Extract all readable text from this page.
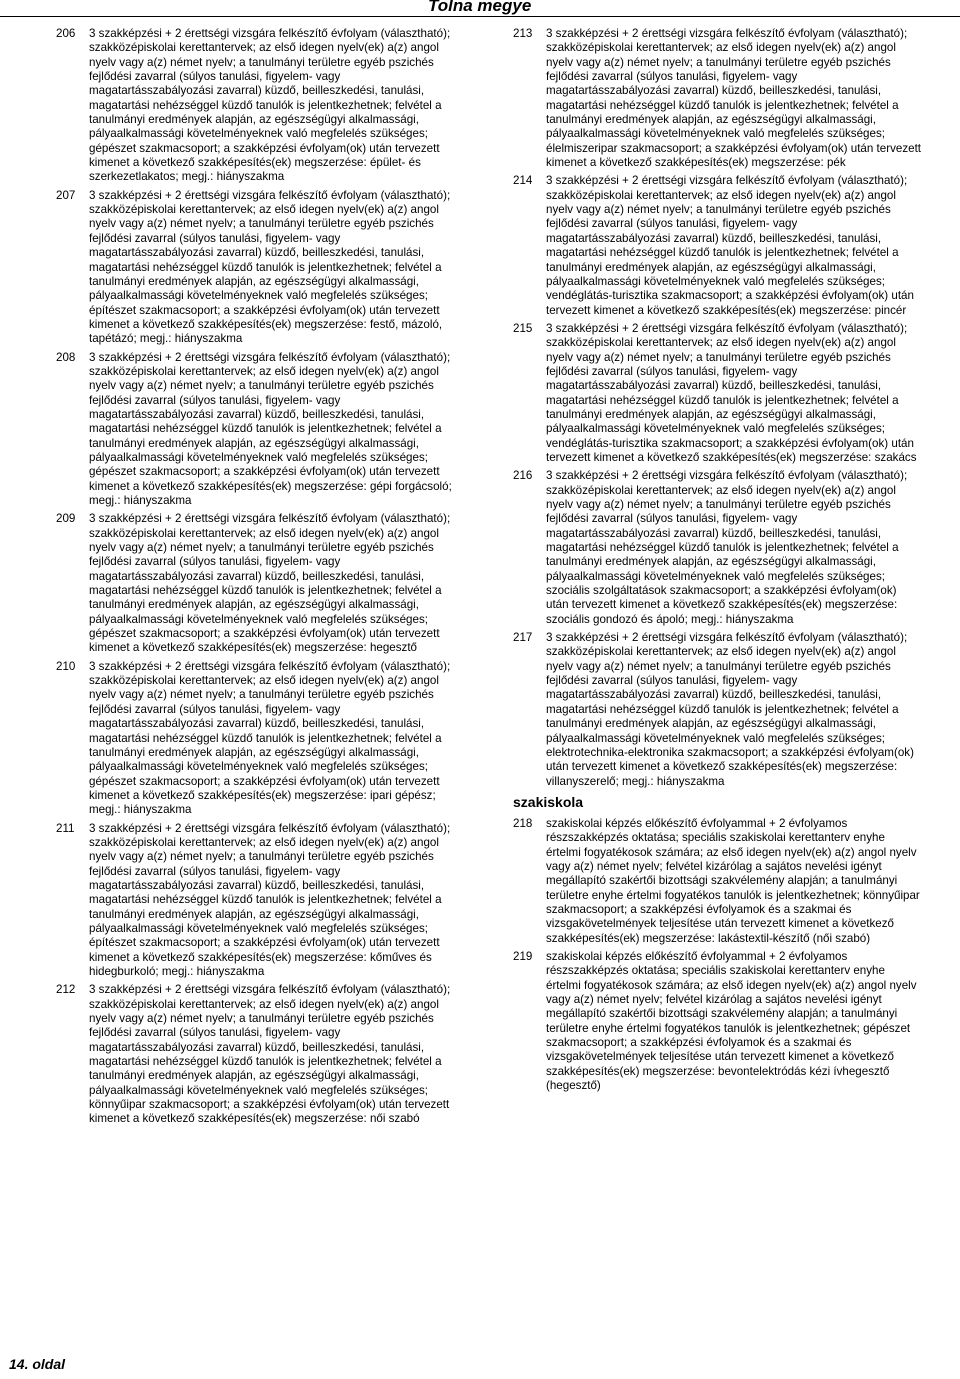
Tolna megye
206 3 szakképzési + 2 érettségi vizsgára felkészítő évfolyam (választható); szakközépiskolai kerettantervek; az első idegen nyelv(ek) a(z) angol nyelv vagy a(z) német nyelv; a tanulmányi területre egyéb pszichés fejlődési zavarral (súlyos tanulási, figyelem- vagy magatartásszabályozási zavarral) küzdő, beilleszkedési, tanulási, magatartási nehézséggel küzdő tanulók is jelentkezhetnek; felvétel a tanulmányi eredmények alapján, az egészségügyi alkalmassági, pályaalkalmassági követelményeknek való megfelelés szükséges; gépészet szakmacsoport; a szakképzési évfolyam(ok) után tervezett kimenet a következő szakképesítés(ek) megszerzése: épület- és szerkezetlakatos; megj.: hiányszakma
207 3 szakképzési + 2 érettségi vizsgára felkészítő évfolyam (választható); szakközépiskolai kerettantervek; az első idegen nyelv(ek) a(z) angol nyelv vagy a(z) német nyelv; a tanulmányi területre egyéb pszichés fejlődési zavarral (súlyos tanulási, figyelem- vagy magatartásszabályozási zavarral) küzdő, beilleszkedési, tanulási, magatartási nehézséggel küzdő tanulók is jelentkezhetnek; felvétel a tanulmányi eredmények alapján, az egészségügyi alkalmassági, pályaalkalmassági követelményeknek való megfelelés szükséges; építészet szakmacsoport; a szakképzési évfolyam(ok) után tervezett kimenet a következő szakképesítés(ek) megszerzése: festő, mázoló, tapétázó; megj.: hiányszakma
208 3 szakképzési + 2 érettségi vizsgára felkészítő évfolyam (választható); szakközépiskolai kerettantervek; az első idegen nyelv(ek) a(z) angol nyelv vagy a(z) német nyelv; a tanulmányi területre egyéb pszichés fejlődési zavarral (súlyos tanulási, figyelem- vagy magatartásszabályozási zavarral) küzdő, beilleszkedési, tanulási, magatartási nehézséggel küzdő tanulók is jelentkezhetnek; felvétel a tanulmányi eredmények alapján, az egészségügyi alkalmassági, pályaalkalmassági követelményeknek való megfelelés szükséges; gépészet szakmacsoport; a szakképzési évfolyam(ok) után tervezett kimenet a következő szakképesítés(ek) megszerzése: gépi forgácsoló; megj.: hiányszakma
209 3 szakképzési + 2 érettségi vizsgára felkészítő évfolyam (választható); szakközépiskolai kerettantervek; az első idegen nyelv(ek) a(z) angol nyelv vagy a(z) német nyelv; a tanulmányi területre egyéb pszichés fejlődési zavarral (súlyos tanulási, figyelem- vagy magatartásszabályozási zavarral) küzdő, beilleszkedési, tanulási, magatartási nehézséggel küzdő tanulók is jelentkezhetnek; felvétel a tanulmányi eredmények alapján, az egészségügyi alkalmassági, pályaalkalmassági követelményeknek való megfelelés szükséges; gépészet szakmacsoport; a szakképzési évfolyam(ok) után tervezett kimenet a következő szakképesítés(ek) megszerzése: hegesztő
210 3 szakképzési + 2 érettségi vizsgára felkészítő évfolyam (választható); szakközépiskolai kerettantervek; az első idegen nyelv(ek) a(z) angol nyelv vagy a(z) német nyelv; a tanulmányi területre egyéb pszichés fejlődési zavarral (súlyos tanulási, figyelem- vagy magatartásszabályozási zavarral) küzdő, beilleszkedési, tanulási, magatartási nehézséggel küzdő tanulók is jelentkezhetnek; felvétel a tanulmányi eredmények alapján, az egészségügyi alkalmassági, pályaalkalmassági követelményeknek való megfelelés szükséges; gépészet szakmacsoport; a szakképzési évfolyam(ok) után tervezett kimenet a következő szakképesítés(ek) megszerzése: ipari gépész; megj.: hiányszakma
211 3 szakképzési + 2 érettségi vizsgára felkészítő évfolyam (választható); szakközépiskolai kerettantervek; az első idegen nyelv(ek) a(z) angol nyelv vagy a(z) német nyelv; a tanulmányi területre egyéb pszichés fejlődési zavarral (súlyos tanulási, figyelem- vagy magatartásszabályozási zavarral) küzdő, beilleszkedési, tanulási, magatartási nehézséggel küzdő tanulók is jelentkezhetnek; felvétel a tanulmányi eredmények alapján, az egészségügyi alkalmassági, pályaalkalmassági követelményeknek való megfelelés szükséges; építészet szakmacsoport; a szakképzési évfolyam(ok) után tervezett kimenet a következő szakképesítés(ek) megszerzése: kőműves és hidegburkoló; megj.: hiányszakma
212 3 szakképzési + 2 érettségi vizsgára felkészítő évfolyam (választható); szakközépiskolai kerettantervek; az első idegen nyelv(ek) a(z) angol nyelv vagy a(z) német nyelv; a tanulmányi területre egyéb pszichés fejlődési zavarral (súlyos tanulási, figyelem- vagy magatartásszabályozási zavarral) küzdő, beilleszkedési, tanulási, magatartási nehézséggel küzdő tanulók is jelentkezhetnek; felvétel a tanulmányi eredmények alapján, az egészségügyi alkalmassági, pályaalkalmassági követelményeknek való megfelelés szükséges; könnyűipar szakmacsoport; a szakképzési évfolyam(ok) után tervezett kimenet a következő szakképesítés(ek) megszerzése: női szabó
213 3 szakképzési + 2 érettségi vizsgára felkészítő évfolyam (választható); szakközépiskolai kerettantervek; az első idegen nyelv(ek) a(z) angol nyelv vagy a(z) német nyelv; a tanulmányi területre egyéb pszichés fejlődési zavarral (súlyos tanulási, figyelem- vagy magatartásszabályozási zavarral) küzdő, beilleszkedési, tanulási, magatartási nehézséggel küzdő tanulók is jelentkezhetnek; felvétel a tanulmányi eredmények alapján, az egészségügyi alkalmassági, pályaalkalmassági követelményeknek való megfelelés szükséges; élelmiszeripar szakmacsoport; a szakképzési évfolyam(ok) után tervezett kimenet a következő szakképesítés(ek) megszerzése: pék
214 3 szakképzési + 2 érettségi vizsgára felkészítő évfolyam (választható); szakközépiskolai kerettantervek; az első idegen nyelv(ek) a(z) angol nyelv vagy a(z) német nyelv; a tanulmányi területre egyéb pszichés fejlődési zavarral (súlyos tanulási, figyelem- vagy magatartásszabályozási zavarral) küzdő, beilleszkedési, tanulási, magatartási nehézséggel küzdő tanulók is jelentkezhetnek; felvétel a tanulmányi eredmények alapján, az egészségügyi alkalmassági, pályaalkalmassági követelményeknek való megfelelés szükséges; vendéglátás-turisztika szakmacsoport; a szakképzési évfolyam(ok) után tervezett kimenet a következő szakképesítés(ek) megszerzése: pincér
215 3 szakképzési + 2 érettségi vizsgára felkészítő évfolyam (választható); szakközépiskolai kerettantervek; az első idegen nyelv(ek) a(z) angol nyelv vagy a(z) német nyelv; a tanulmányi területre egyéb pszichés fejlődési zavarral (súlyos tanulási, figyelem- vagy magatartásszabályozási zavarral) küzdő, beilleszkedési, tanulási, magatartási nehézséggel küzdő tanulók is jelentkezhetnek; felvétel a tanulmányi eredmények alapján, az egészségügyi alkalmassági, pályaalkalmassági követelményeknek való megfelelés szükséges; vendéglátás-turisztika szakmacsoport; a szakképzési évfolyam(ok) után tervezett kimenet a következő szakképesítés(ek) megszerzése: szakács
216 3 szakképzési + 2 érettségi vizsgára felkészítő évfolyam (választható); szakközépiskolai kerettantervek; az első idegen nyelv(ek) a(z) angol nyelv vagy a(z) német nyelv; a tanulmányi területre egyéb pszichés fejlődési zavarral (súlyos tanulási, figyelem- vagy magatartásszabályozási zavarral) küzdő, beilleszkedési, tanulási, magatartási nehézséggel küzdő tanulók is jelentkezhetnek; felvétel a tanulmányi eredmények alapján, az egészségügyi alkalmassági, pályaalkalmassági követelményeknek való megfelelés szükséges; szociális szolgáltatások szakmacsoport; a szakképzési évfolyam(ok) után tervezett kimenet a következő szakképesítés(ek) megszerzése: szociális gondozó és ápoló; megj.: hiányszakma
217 3 szakképzési + 2 érettségi vizsgára felkészítő évfolyam (választható); szakközépiskolai kerettantervek; az első idegen nyelv(ek) a(z) angol nyelv vagy a(z) német nyelv; a tanulmányi területre egyéb pszichés fejlődési zavarral (súlyos tanulási, figyelem- vagy magatartásszabályozási zavarral) küzdő, beilleszkedési, tanulási, magatartási nehézséggel küzdő tanulók is jelentkezhetnek; felvétel a tanulmányi eredmények alapján, az egészségügyi alkalmassági, pályaalkalmassági követelményeknek való megfelelés szükséges; elektrotechnika-elektronika szakmacsoport; a szakképzési évfolyam(ok) után tervezett kimenet a következő szakképesítés(ek) megszerzése: villanyszerelő; megj.: hiányszakma
szakiskola
218 szakiskolai képzés előkészítő évfolyammal + 2 évfolyamos részszakképzés oktatása; speciális szakiskolai kerettanterv enyhe értelmi fogyatékosok számára; az első idegen nyelv(ek) a(z) angol nyelv vagy a(z) német nyelv; felvétel kizárólag a sajátos nevelési igényt megállapító szakértői bizottsági szakvélemény alapján; a tanulmányi területre enyhe értelmi fogyatékos tanulók is jelentkezhetnek; könnyűipar szakmacsoport; a szakképzési évfolyamok és a szakmai és vizsgakövetelmények teljesítése után tervezett kimenet a következő szakképesítés(ek) megszerzése: lakástextil-készítő (női szabó)
219 szakiskolai képzés előkészítő évfolyammal + 2 évfolyamos részszakképzés oktatása; speciális szakiskolai kerettanterv enyhe értelmi fogyatékosok számára; az első idegen nyelv(ek) a(z) angol nyelv vagy a(z) német nyelv; felvétel kizárólag a sajátos nevelési igényt megállapító szakértői bizottsági szakvélemény alapján; a tanulmányi területre enyhe értelmi fogyatékos tanulók is jelentkezhetnek; gépészet szakmacsoport; a szakképzési évfolyamok és a szakmai és vizsgakövetelmények teljesítése után tervezett kimenet a következő szakképesítés(ek) megszerzése: bevontelektródás kézi ívhegesztő (hegesztő)
14. oldal
